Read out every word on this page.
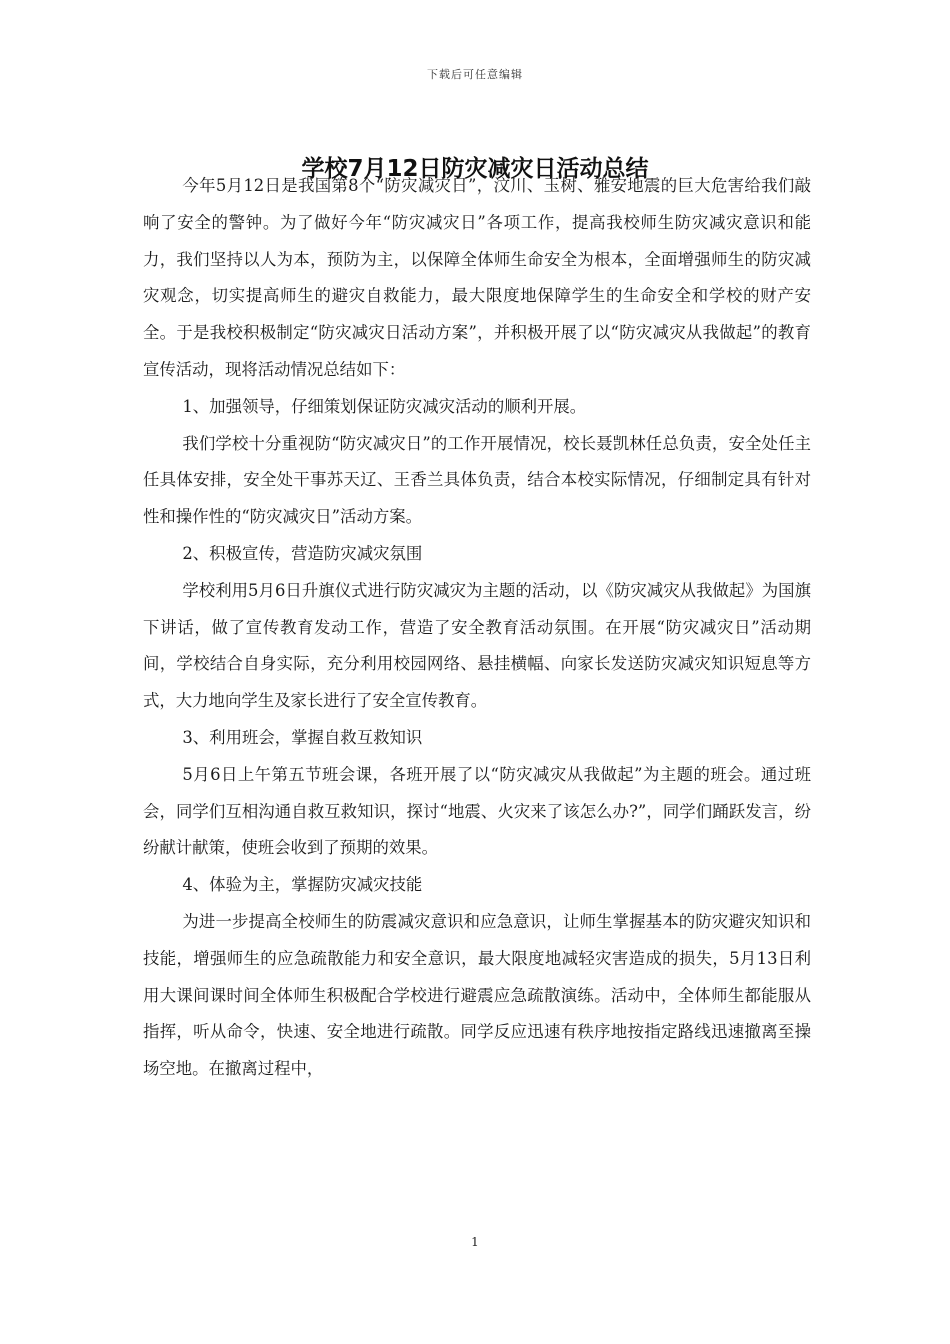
下载后可任意编辑
学校7月12日防灾减灾日活动总结

今年5月12日是我国第8个“防灾减灾日”，汶川、玉树、雅安地震的巨大危害给我们敲响了安全的警钟。为了做好今年“防灾减灾日”各项工作，提高我校师生防灾减灾意识和能力，我们坚持以人为本，预防为主，以保障全体师生命安全为根本，全面增强师生的防灾减灾观念，切实提高师生的避灾自救能力，最大限度地保障学生的生命安全和学校的财产安全。于是我校积极制定“防灾减灾日活动方案”，并积极开展了以“防灾减灾从我做起”的教育宣传活动，现将活动情况总结如下：

1、加强领导，仔细策划保证防灾减灾活动的顺利开展。

我们学校十分重视防“防灾减灾日”的工作开展情况，校长聂凯林任总负责，安全处任主任具体安排，安全处干事苏天辽、王香兰具体负责，结合本校实际情况，仔细制定具有针对性和操作性的“防灾减灾日”活动方案。

2、积极宣传，营造防灾减灾氛围

学校利用5月6日升旗仪式进行防灾减灾为主题的活动，以《防灾减灾从我做起》为国旗下讲话，做了宣传教育发动工作，营造了安全教育活动氛围。在开展“防灾减灾日”活动期间，学校结合自身实际，充分利用校园网络、悬挂横幅、向家长发送防灾减灾知识短息等方式，大力地向学生及家长进行了安全宣传教育。

3、利用班会，掌握自救互救知识

5月6日上午第五节班会课，各班开展了以“防灾减灾从我做起”为主题的班会。通过班会，同学们互相沟通自救互救知识，探讨“地震、火灾来了该怎么办?”，同学们踊跃发言，纷纷献计献策，使班会收到了预期的效果。

4、体验为主，掌握防灾减灾技能

为进一步提高全校师生的防震减灾意识和应急意识，让师生掌握基本的防灾避灾知识和技能，增强师生的应急疏散能力和安全意识，最大限度地减轻灾害造成的损失，5月13日利用大课间课时间全体师生积极配合学校进行避震应急疏散演练。活动中，全体师生都能服从指挥，听从命令，快速、安全地进行疏散。同学反应迅速有秩序地按指定路线迅速撤离至操场空地。在撤离过程中，

1
